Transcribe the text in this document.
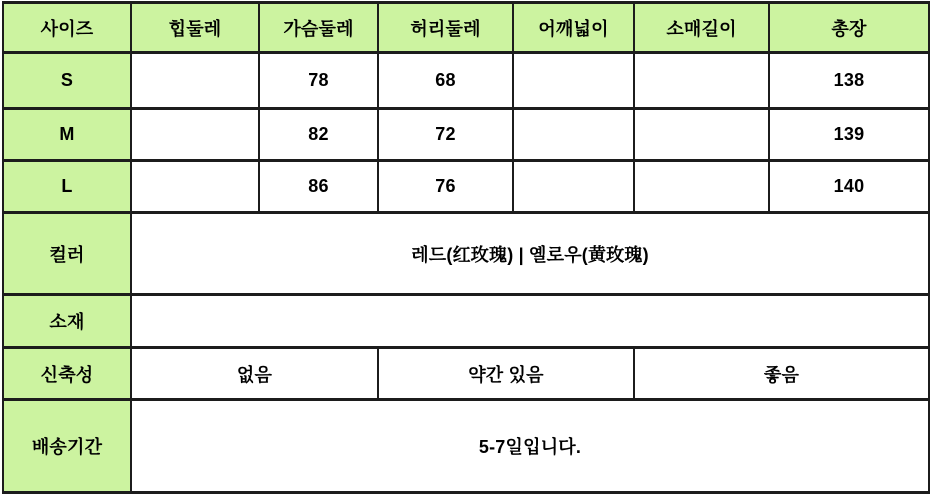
사이즈	힙둘레	가슴둘레	허리둘레	어깨넓이	소매길이	총장
S		78	68			138
M		82	72			139
L		86	76			140
컬러	레드(红玫瑰) | 옐로우(黄玫瑰)					
소재						
신축성	없음		약간 있음		좋음	
배송기간	5-7일입니다.					
